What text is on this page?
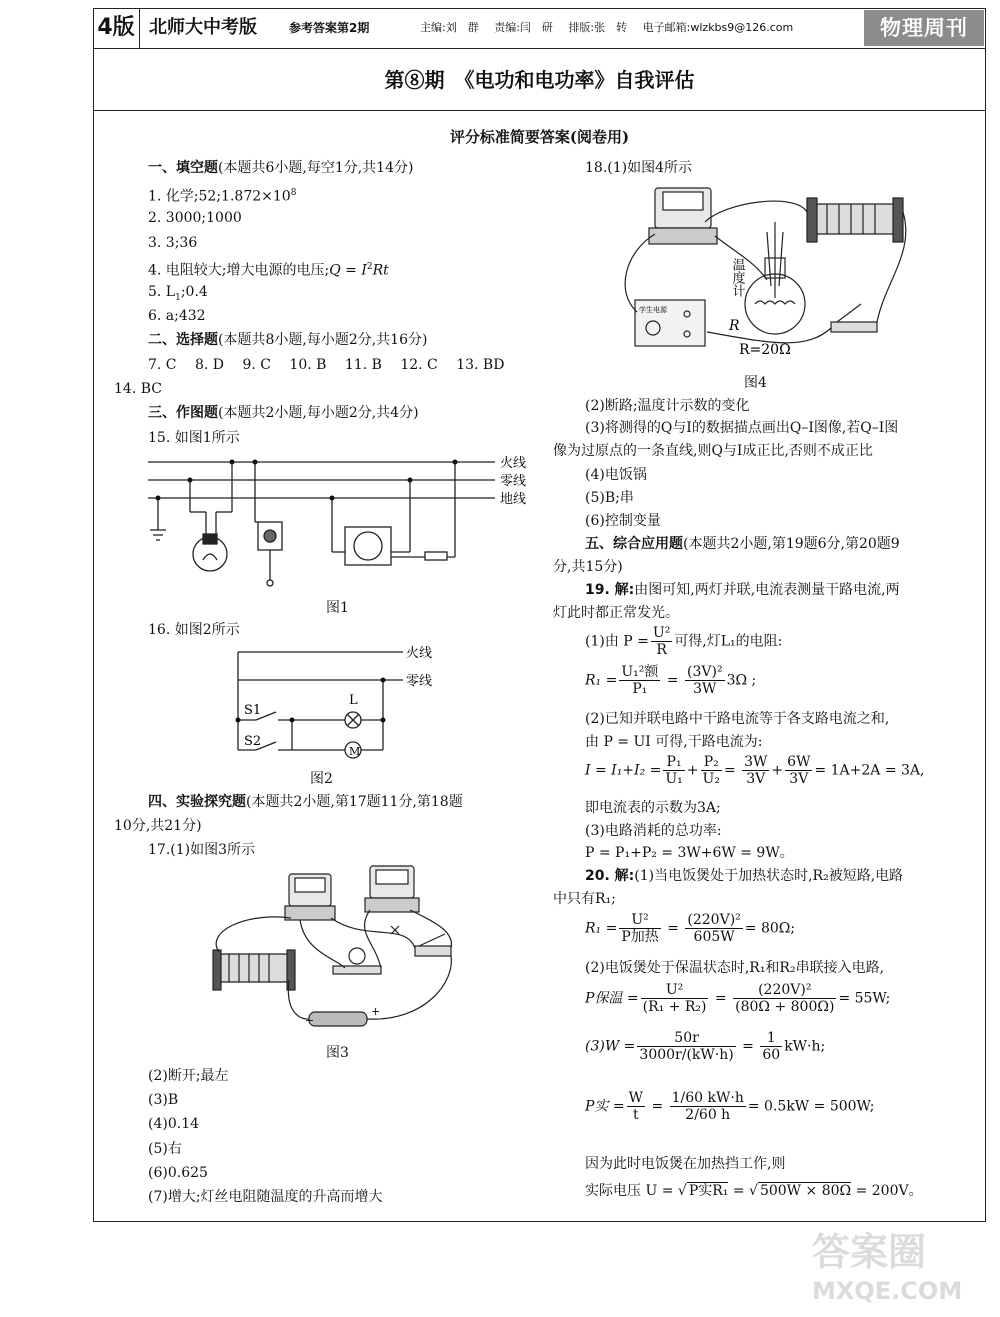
4版 北师大中考版	参考答案第2期	主编:刘　群 责编:闫　研 排版:张　转 电子邮箱:wlzkbs9@126.com	物理周刊
第⑧期　《电功和电功率》自我评估
评分标准简要答案(阅卷用)
一、填空题(本题共6小题,每空1分,共14分)
1. 化学$;52;1.872\times 10^8$
2. 3000;1000
3. 3;36
4. 电阻较大;增大电源的电压;Q = $I^2Rt$
5. $L_1;0.4$
6. a;432
二、选择题(本题共8小题,每小题2分,共16分)
7. C　 8. D　 9. C　 10. B　 11. B　 12. C　 13. BD
14. BC
三、作图题(本题共2小题,每小题2分,共4分)
15. 如图1所示
火线
零线
地线
图1
16. 如图2所示
M
L
S1
S2
火线
零线
图2
四、实验探究题(本题共2小题,第17题11分,第18题
10分,共21分)
17.(1)如图3所示
−
+
图3
(2)断开;最左
(3)B
(4)0.14
(5)右
(6)0.625
(7)增大;灯丝电阻随温度的升高而增大
18.(1)如图4所示
温度计
R
R=20Ω
学生电源
图4
(2)断路;温度计示数的变化
(3)将测得的Q与I的数据描点画出Q–I图像,若Q–I图
像为过原点的一条直线,则Q与I成正比,否则不成正比
(4)电饭锅
(5)B;串
(6)控制变量
五、综合应用题(本题共2小题,第19题6分,第20题9
分,共15分)
19. 解:由图可知,两灯并联,电流表测量干路电流,两
灯此时都正常发光。
(1)由 $P = \frac{\text{U²}}{R}$ 可得,灯L₁的电阻:
R₁ =
U₁²额
P₁
= $\frac{\text{(3V)²}}{3W} 3\Omega$ ;
(2)已知并联电路中干路电流等于各支路电流之和,
由 P = UI 可得,干路电流为:
$I = I_1+I_2 = \frac{\text{P₁}}{\text{U₁}} + \frac{\text{P₂}}{\text{U₂}} = \frac{3W}{3V} + \frac{6W}{3V} = 1A+2A = 3A$,
即电流表的示数为3A;
(3)电路消耗的总功率:
P = P₁+P₂ = 3W+6W = 9W。
20. 解:(1)当电饭煲处于加热状态时,R₂被短路,电路
中只有R₁;
R₁ =
U²
P加热
= $\frac{\text{(220V)²}}{605W} = 80\Omega$;
(2)电饭煲处于保温状态时,R₁和R₂串联接入电路,
P保温 = $\frac{\text{U²}}{\text{(R₁ + R₂)}} = \frac{\text{(220V)²}}{(80\Omega + 800\Omega)} = 55W$;
$(3)W = \frac{50r}{3000r/(kW\cdot h)} = \frac{1}{60} kW\cdot h$;
P实 = $\frac{W}{t} = \frac{1/60 kW\cdot h}{2/60 h} = 0.5kW = 500W$;
因为此时电饭煲在加热挡工作,则
实际电压 U = √ P实R₁ = √ 500W × 80Ω = 200V。
答案圈
MXQE.COM
